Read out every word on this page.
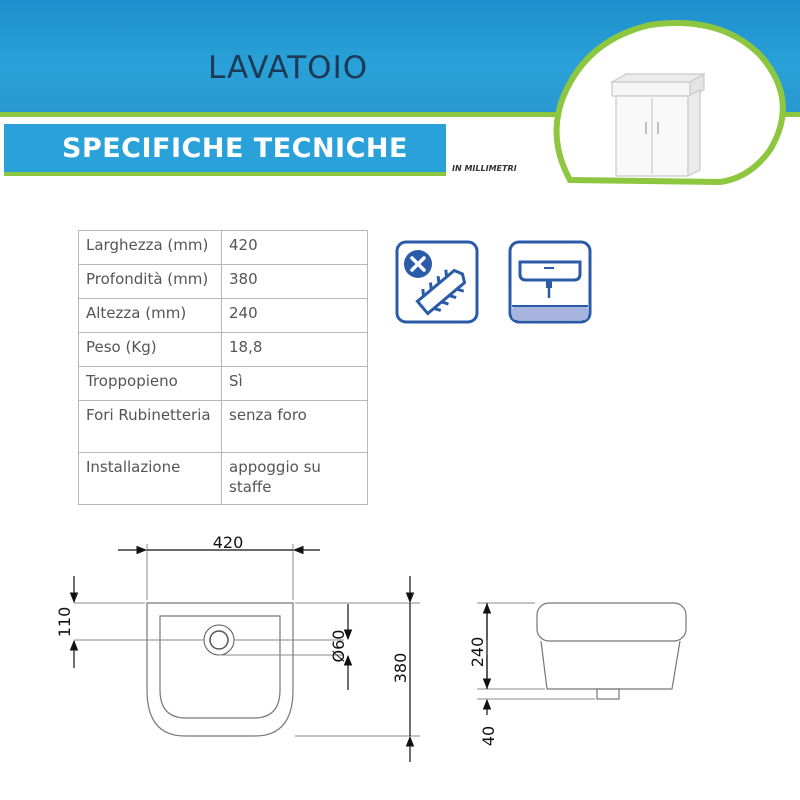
LAVATOIO
SPECIFICHE TECNICHE
IN MILLIMETRI
Larghezza (mm)	420
Profondità (mm)	380
Altezza (mm)	240
Peso (Kg)	18,8
Troppopieno	Sì
Fori Rubinetteria	senza foro
Installazione	appoggio su staffe
420
110
Ø60
380
240
40
